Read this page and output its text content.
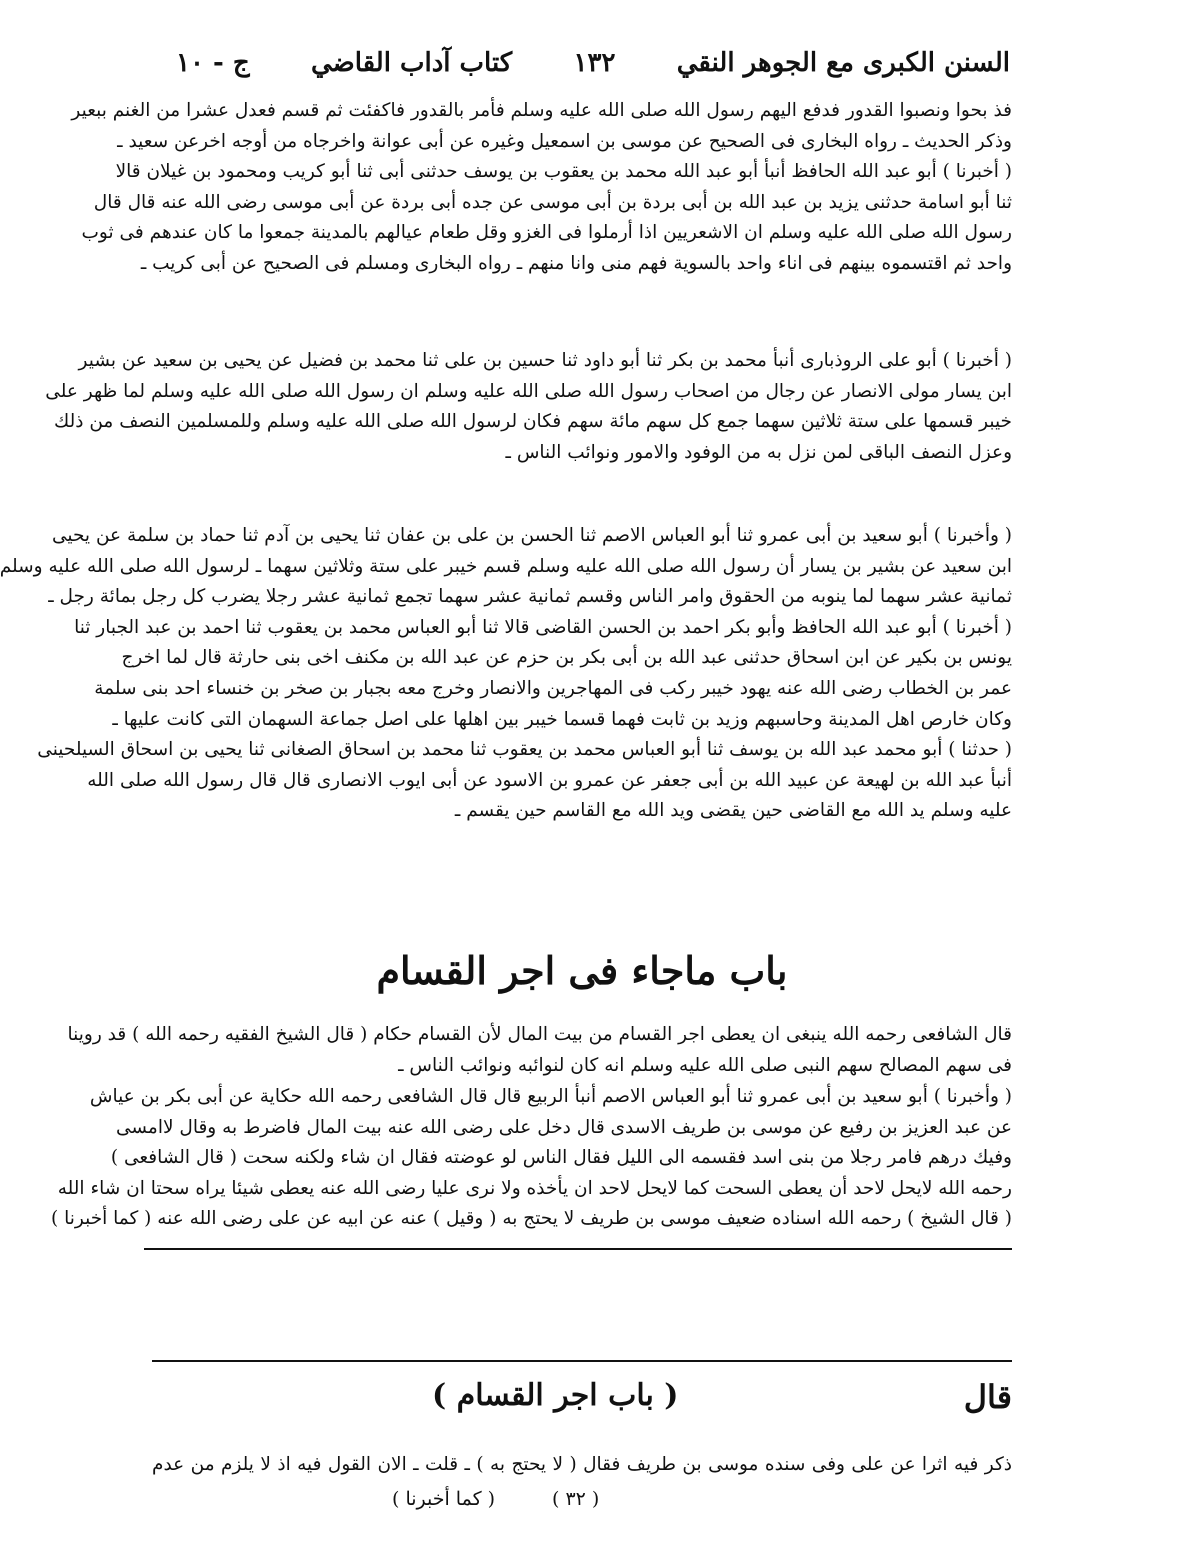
السنن الكبرى مع الجوهر النقي
١٣٢
كتاب آداب القاضي
ج - ١٠
فذ بحوا ونصبوا القدور فدفع اليهم رسول الله صلى الله عليه وسلم فأمر بالقدور فاكفئت ثم قسم فعدل عشرا من الغنم ببعير
وذكر الحديث ـ رواه البخارى فى الصحيح عن موسى بن اسمعيل وغيره عن أبى عوانة واخرجاه من أوجه اخرعن سعيد ـ
( أخبرنا ) أبو عبد الله الحافظ أنبأ أبو عبد الله محمد بن يعقوب بن يوسف حدثنى أبى ثنا أبو كريب ومحمود بن غيلان قالا
ثنا أبو اسامة حدثنى يزيد بن عبد الله بن أبى بردة بن أبى موسى عن جده أبى بردة عن أبى موسى رضى الله عنه قال قال
رسول الله صلى الله عليه وسلم ان الاشعريين اذا أرملوا فى الغزو وقل طعام عيالهم بالمدينة جمعوا ما كان عندهم فى ثوب
واحد ثم اقتسموه بينهم فى اناء واحد بالسوية فهم منى وانا منهم ـ رواه البخارى ومسلم فى الصحيح عن أبى كريب ـ
( أخبرنا ) أبو على الروذبارى أنبأ محمد بن بكر ثنا أبو داود ثنا حسين بن على ثنا محمد بن فضيل عن يحيى بن سعيد عن بشير
ابن يسار مولى الانصار عن رجال من اصحاب رسول الله صلى الله عليه وسلم ان رسول الله صلى الله عليه وسلم لما ظهر على
خيبر قسمها على ستة ثلاثين سهما جمع كل سهم مائة سهم فكان لرسول الله صلى الله عليه وسلم وللمسلمين النصف من ذلك
وعزل النصف الباقى لمن نزل به من الوفود والامور ونوائب الناس ـ
( وأخبرنا ) أبو سعيد بن أبى عمرو ثنا أبو العباس الاصم ثنا الحسن بن على بن عفان ثنا يحيى بن آدم ثنا حماد بن سلمة عن يحيى
ابن سعيد عن بشير بن يسار أن رسول الله صلى الله عليه وسلم قسم خيبر على ستة وثلاثين سهما ـ لرسول الله صلى الله عليه وسلم
ثمانية عشر سهما لما ينوبه من الحقوق وامر الناس وقسم ثمانية عشر سهما تجمع ثمانية عشر رجلا يضرب كل رجل بمائة رجل ـ
( أخبرنا ) أبو عبد الله الحافظ وأبو بكر احمد بن الحسن القاضى قالا ثنا أبو العباس محمد بن يعقوب ثنا احمد بن عبد الجبار ثنا
يونس بن بكير عن ابن اسحاق حدثنى عبد الله بن أبى بكر بن حزم عن عبد الله بن مكنف اخى بنى حارثة قال لما اخرج
عمر بن الخطاب رضى الله عنه يهود خيبر ركب فى المهاجرين والانصار وخرج معه بجبار بن صخر بن خنساء احد بنى سلمة
وكان خارص اهل المدينة وحاسبهم وزيد بن ثابت فهما قسما خيبر بين اهلها على اصل جماعة السهمان التى كانت عليها ـ
( حدثنا ) أبو محمد عبد الله بن يوسف ثنا أبو العباس محمد بن يعقوب ثنا محمد بن اسحاق الصغانى ثنا يحيى بن اسحاق السيلحينى
أنبأ عبد الله بن لهيعة عن عبيد الله بن أبى جعفر عن عمرو بن الاسود عن أبى ايوب الانصارى قال قال رسول الله صلى الله
عليه وسلم يد الله مع القاضى حين يقضى ويد الله مع القاسم حين يقسم ـ
باب ماجاء فى اجر القسام
قال الشافعى رحمه الله ينبغى ان يعطى اجر القسام من بيت المال لأن القسام حكام ( قال الشيخ الفقيه رحمه الله ) قد روينا
فى سهم المصالح سهم النبى صلى الله عليه وسلم انه كان لنوائبه ونوائب الناس ـ
( وأخبرنا ) أبو سعيد بن أبى عمرو ثنا أبو العباس الاصم أنبأ الربيع قال قال الشافعى رحمه الله حكاية عن أبى بكر بن عياش
عن عبد العزيز بن رفيع عن موسى بن طريف الاسدى قال دخل على رضى الله عنه بيت المال فاضرط به وقال لاامسى
وفيك درهم فامر رجلا من بنى اسد فقسمه الى الليل فقال الناس لو عوضته فقال ان شاء ولكنه سحت ( قال الشافعى )
رحمه الله لايحل لاحد أن يعطى السحت كما لايحل لاحد ان يأخذه ولا نرى عليا رضى الله عنه يعطى شيئا يراه سحتا ان شاء الله
( قال الشيخ ) رحمه الله اسناده ضعيف موسى بن طريف لا يحتج به ( وقيل ) عنه عن ابيه عن على رضى الله عنه ( كما أخبرنا )
قال
( باب اجر القسام )
ذكر فيه اثرا عن على وفى سنده موسى بن طريف فقال ( لا يحتج به ) ـ قلت ـ الان القول فيه اذ لا يلزم من عدم
( ٣٢ )
( كما أخبرنا )
